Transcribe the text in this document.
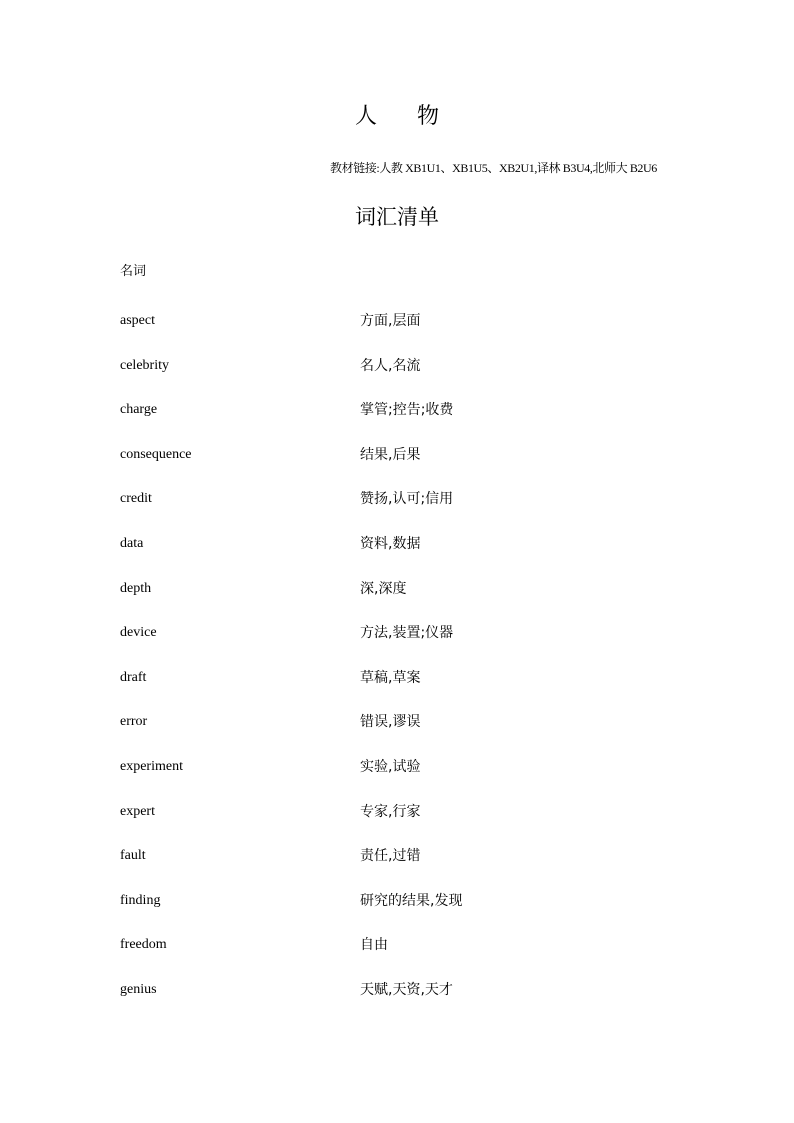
人物
教材链接:人教 XB1U1、XB1U5、XB2U1,译林 B3U4,北师大 B2U6
词汇清单
名词
aspect	方面,层面
celebrity	名人,名流
charge	掌管;控告;收费
consequence	结果,后果
credit	赞扬,认可;信用
data	资料,数据
depth	深,深度
device	方法,装置;仪器
draft	草稿,草案
error	错误,谬误
experiment	实验,试验
expert	专家,行家
fault	责任,过错
finding	研究的结果,发现
freedom	自由
genius	天赋,天资,天才
